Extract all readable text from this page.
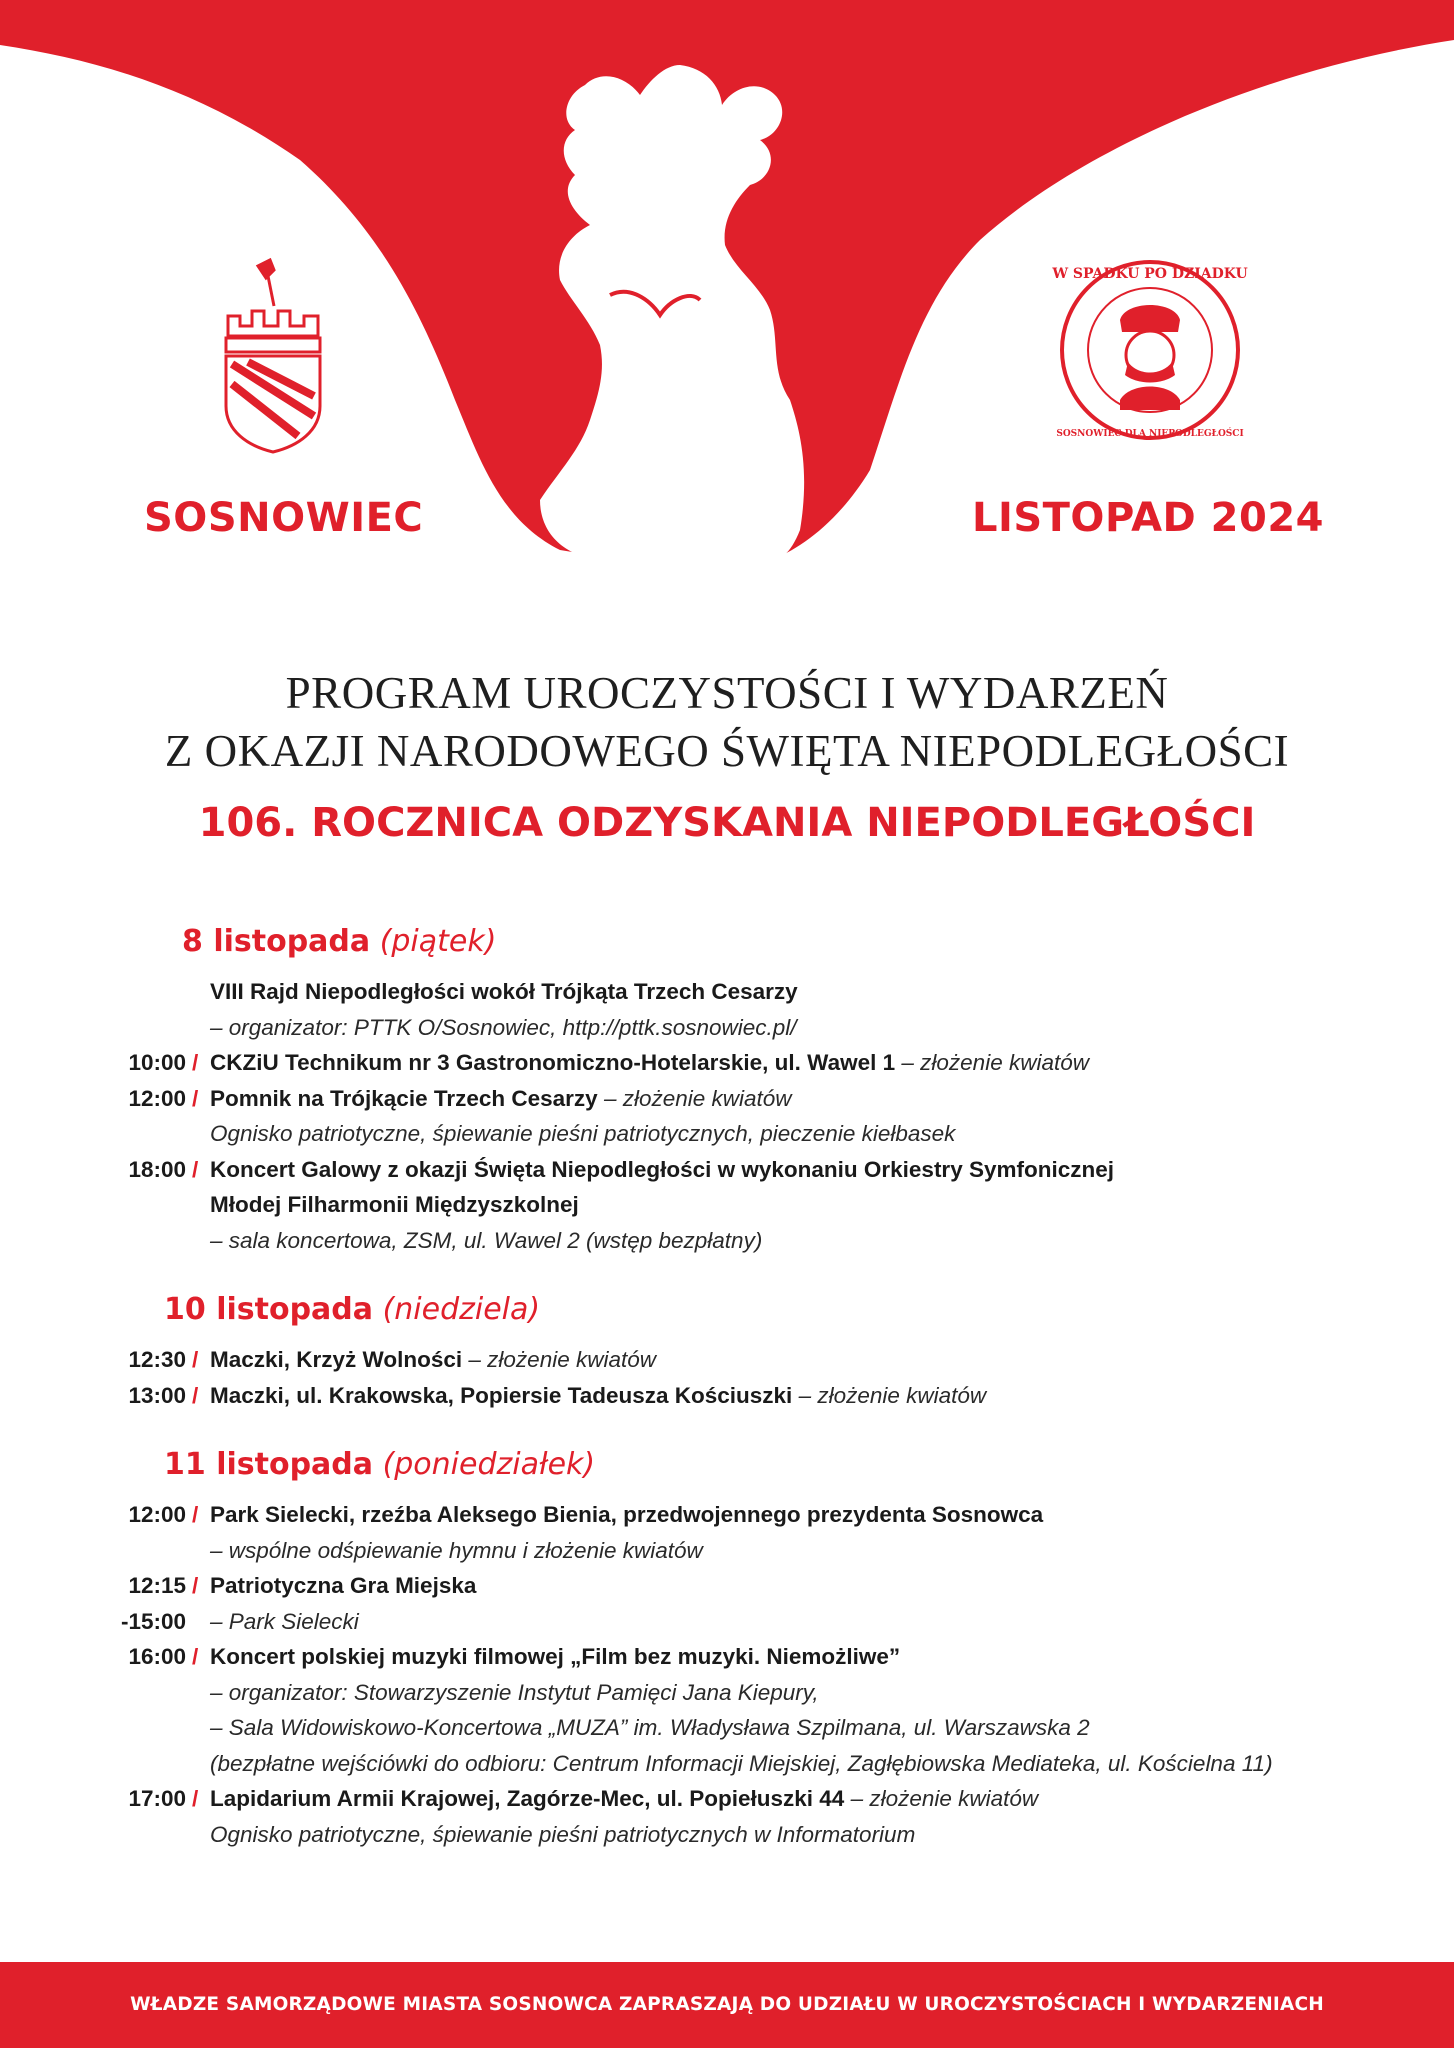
W SPADKU PO DZIADKU
SOSNOWIEC DLA NIEPODLEGŁOŚCI
SOSNOWIEC	LISTOPAD 2024
PROGRAM UROCZYSTOŚCI I WYDARZEŃ
Z OKAZJI NARODOWEGO ŚWIĘTA NIEPODLEGŁOŚCI
106. ROCZNICA ODZYSKANIA NIEPODLEGŁOŚCI
8 listopada (piątek)
VIII Rajd Niepodległości wokół Trójkąta Trzech Cesarzy
– organizator: PTTK O/Sosnowiec, http://pttk.sosnowiec.pl/
10:00 / CKZiU Technikum nr 3 Gastronomiczno-Hotelarskie, ul. Wawel 1 – złożenie kwiatów
12:00 / Pomnik na Trójkącie Trzech Cesarzy – złożenie kwiatów
Ognisko patriotyczne, śpiewanie pieśni patriotycznych, pieczenie kiełbasek
18:00 / Koncert Galowy z okazji Święta Niepodległości w wykonaniu Orkiestry Symfonicznej
Młodej Filharmonii Międzyszkolnej
– sala koncertowa, ZSM, ul. Wawel 2 (wstęp bezpłatny)
10 listopada (niedziela)
12:30 / Maczki, Krzyż Wolności – złożenie kwiatów
13:00 / Maczki, ul. Krakowska, Popiersie Tadeusza Kościuszki – złożenie kwiatów
11 listopada (poniedziałek)
12:00 / Park Sielecki, rzeźba Aleksego Bienia, przedwojennego prezydenta Sosnowca
– wspólne odśpiewanie hymnu i złożenie kwiatów
12:15 / Patriotyczna Gra Miejska
-15:00 – Park Sielecki
16:00 / Koncert polskiej muzyki filmowej „Film bez muzyki. Niemożliwe”
– organizator: Stowarzyszenie Instytut Pamięci Jana Kiepury,
– Sala Widowiskowo-Koncertowa „MUZA” im. Władysława Szpilmana, ul. Warszawska 2
(bezpłatne wejściówki do odbioru: Centrum Informacji Miejskiej, Zagłębiowska Mediateka, ul. Kościelna 11)
17:00 / Lapidarium Armii Krajowej, Zagórze-Mec, ul. Popiełuszki 44 – złożenie kwiatów
Ognisko patriotyczne, śpiewanie pieśni patriotycznych w Informatorium
WŁADZE SAMORZĄDOWE MIASTA SOSNOWCA ZAPRASZAJĄ DO UDZIAŁU W UROCZYSTOŚCIACH I WYDARZENIACH
